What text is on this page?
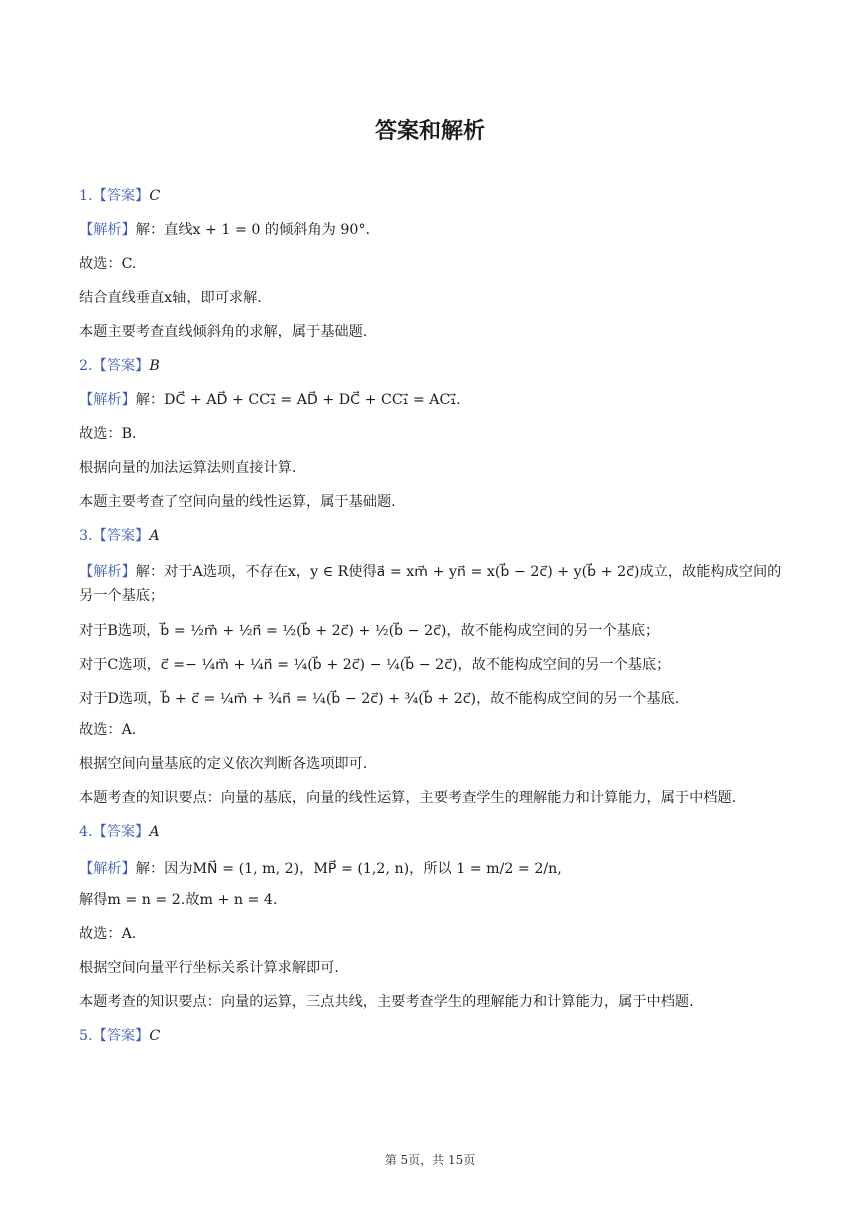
答案和解析
1.【答案】C
【解析】解：直线x + 1 = 0 的倾斜角为 90°.
故选：C.
结合直线垂直x轴，即可求解.
本题主要考查直线倾斜角的求解，属于基础题.
2.【答案】B
【解析】解：DC⃗ + AD⃗ + CC₁⃗ = AD⃗ + DC⃗ + CC₁⃗ = AC₁⃗.
故选：B.
根据向量的加法运算法则直接计算.
本题主要考查了空间向量的线性运算，属于基础题.
3.【答案】A
【解析】解：对于A选项，不存在x，y ∈ R使得a⃗ = xm⃗ + yn⃗ = x(b⃗ − 2c⃗) + y(b⃗ + 2c⃗)成立，故能构成空间的另一个基底；
对于B选项，b⃗ = ½m⃗ + ½n⃗ = ½(b⃗ + 2c⃗) + ½(b⃗ − 2c⃗)，故不能构成空间的另一个基底；
对于C选项，c⃗ =− ¼m⃗ + ¼n⃗ = ¼(b⃗ + 2c⃗) − ¼(b⃗ − 2c⃗)，故不能构成空间的另一个基底；
对于D选项，b⃗ + c⃗ = ¼m⃗ + ¾n⃗ = ¼(b⃗ − 2c⃗) + ¾(b⃗ + 2c⃗)，故不能构成空间的另一个基底.
故选：A.
根据空间向量基底的定义依次判断各选项即可.
本题考查的知识要点：向量的基底，向量的线性运算，主要考查学生的理解能力和计算能力，属于中档题.
4.【答案】A
【解析】解：因为MN⃗ = (1, m, 2)，MP⃗ = (1,2, n)，所以 1 = m/2 = 2/n,
解得m = n = 2.故m + n = 4.
故选：A.
根据空间向量平行坐标关系计算求解即可.
本题考查的知识要点：向量的运算，三点共线，主要考查学生的理解能力和计算能力，属于中档题.
5.【答案】C
第 5页，共 15页
